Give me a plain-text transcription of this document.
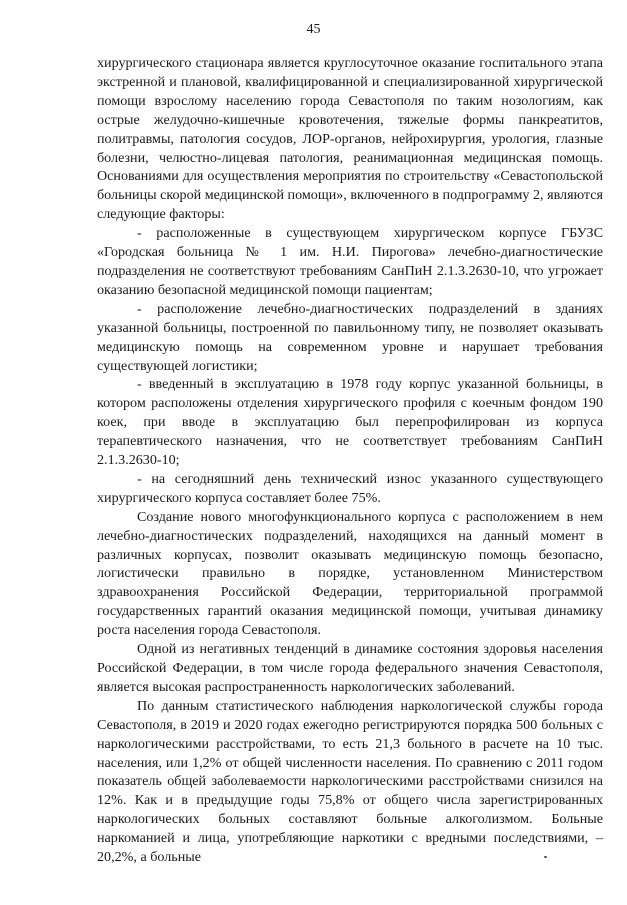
45

хирургического стационара является круглосуточное оказание госпитального этапа экстренной и плановой, квалифицированной и специализированной хирургической помощи взрослому населению города Севастополя по таким нозологиям, как острые желудочно-кишечные кровотечения, тяжелые формы панкреатитов, политравмы, патология сосудов, ЛОР-органов, нейрохирургия, урология, глазные болезни, челюстно-лицевая патология, реанимационная медицинская помощь. Основаниями для осуществления мероприятия по строительству «Севастопольской больницы скорой медицинской помощи», включенного в подпрограмму 2, являются следующие факторы:

- расположенные в существующем хирургическом корпусе ГБУЗС «Городская больница № 1 им. Н.И. Пирогова» лечебно-диагностические подразделения не соответствуют требованиям СанПиН 2.1.3.2630-10, что угрожает оказанию безопасной медицинской помощи пациентам;

- расположение лечебно-диагностических подразделений в зданиях указанной больницы, построенной по павильонному типу, не позволяет оказывать медицинскую помощь на современном уровне и нарушает требования существующей логистики;

- введенный в эксплуатацию в 1978 году корпус указанной больницы, в котором расположены отделения хирургического профиля с коечным фондом 190 коек, при вводе в эксплуатацию был перепрофилирован из корпуса терапевтического назначения, что не соответствует требованиям СанПиН 2.1.3.2630-10;

- на сегодняшний день технический износ указанного существующего хирургического корпуса составляет более 75%.

Создание нового многофункционального корпуса с расположением в нем лечебно-диагностических подразделений, находящихся на данный момент в различных корпусах, позволит оказывать медицинскую помощь безопасно, логистически правильно в порядке, установленном Министерством здравоохранения Российской Федерации, территориальной программой государственных гарантий оказания медицинской помощи, учитывая динамику роста населения города Севастополя.

Одной из негативных тенденций в динамике состояния здоровья населения Российской Федерации, в том числе города федерального значения Севастополя, является высокая распространенность наркологических заболеваний.

По данным статистического наблюдения наркологической службы города Севастополя, в 2019 и 2020 годах ежегодно регистрируются порядка 500 больных с наркологическими расстройствами, то есть 21,3 больного в расчете на 10 тыс. населения, или 1,2% от общей численности населения. По сравнению с 2011 годом показатель общей заболеваемости наркологическими расстройствами снизился на 12%. Как и в предыдущие годы 75,8% от общего числа зарегистрированных наркологических больных составляют больные алкоголизмом. Больные наркоманией и лица, употребляющие наркотики с вредными последствиями, – 20,2%, а больные
